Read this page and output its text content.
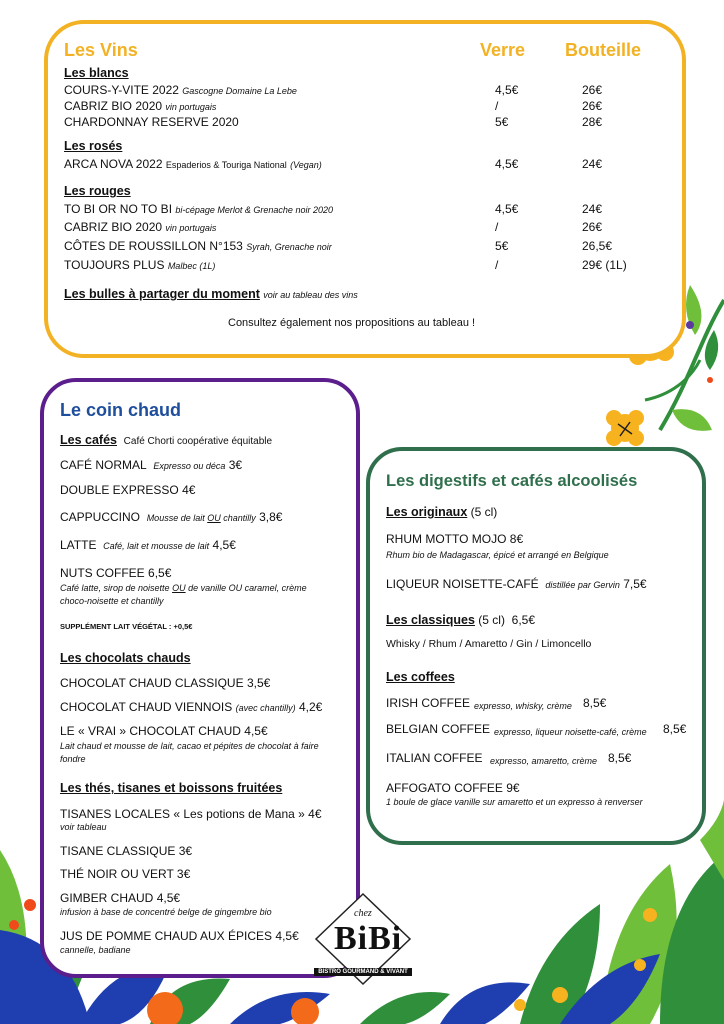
Les Vins	Verre Bouteille
Les blancs
COURS-Y-VITE 2022 Gascogne Domaine La Lebe	4,5€	26€
CABRIZ BIO 2020 vin portugais	/	26€
CHARDONNAY RESERVE 2020	5€	28€
Les rosés
ARCA NOVA 2022 Espaderios & Touriga National (Vegan)	4,5€	24€
Les rouges
TO BI OR NO TO BI bi-cépage Merlot & Grenache noir 2020	4,5€	24€
CABRIZ BIO 2020 vin portugais	/	26€
CÔTES DE ROUSSILLON N°153 Syrah, Grenache noir	5€	26,5€
TOUJOURS PLUS Malbec (1L)	/	29€ (1L)
Les bulles à partager du moment voir au tableau des vins
Consultez également nos propositions au tableau !
Le coin chaud
Les cafés Café Chorti coopérative équitable
CAFÉ NORMAL Expresso ou déca 3€
DOUBLE EXPRESSO 4€
CAPPUCCINO Mousse de lait OU chantilly 3,8€
LATTE Café, lait et mousse de lait 4,5€
NUTS COFFEE 6,5€
Café latte, sirop de noisette OU de vanille OU caramel, crème
choco-noisette et chantilly
SUPPLÉMENT LAIT VÉGÉTAL : +0,5€
Les chocolats chauds
CHOCOLAT CHAUD CLASSIQUE 3,5€
CHOCOLAT CHAUD VIENNOIS (avec chantilly) 4,2€
LE « VRAI » CHOCOLAT CHAUD 4,5€
Lait chaud et mousse de lait, cacao et pépites de chocolat à faire
fondre
Les thés, tisanes et boissons fruitées
TISANES LOCALES « Les potions de Mana » 4€
voir tableau
TISANE CLASSIQUE 3€
THÉ NOIR OU VERT 3€
GIMBER CHAUD 4,5€
infusion à base de concentré belge de gingembre bio
JUS DE POMME CHAUD AUX ÉPICES 4,5€
cannelle, badiane
Les digestifs et cafés alcoolisés
Les originaux (5 cl)
RHUM MOTTO MOJO 8€
Rhum bio de Madagascar, épicé et arrangé en Belgique
LIQUEUR NOISETTE-CAFÉ distillée par Gervin 7,5€
Les classiques (5 cl) 6,5€
Whisky / Rhum / Amaretto / Gin / Limoncello
Les coffees
IRISH COFFEE expresso, whisky, crème 8,5€
BELGIAN COFFEE expresso, liqueur noisette-café, crème 8,5€
ITALIAN COFFEE expresso, amaretto, crème 8,5€
AFFOGATO COFFEE 9€
1 boule de glace vanille sur amaretto et un expresso à renverser
chez
BiBi
BISTRO GOURMAND & VIVANT
